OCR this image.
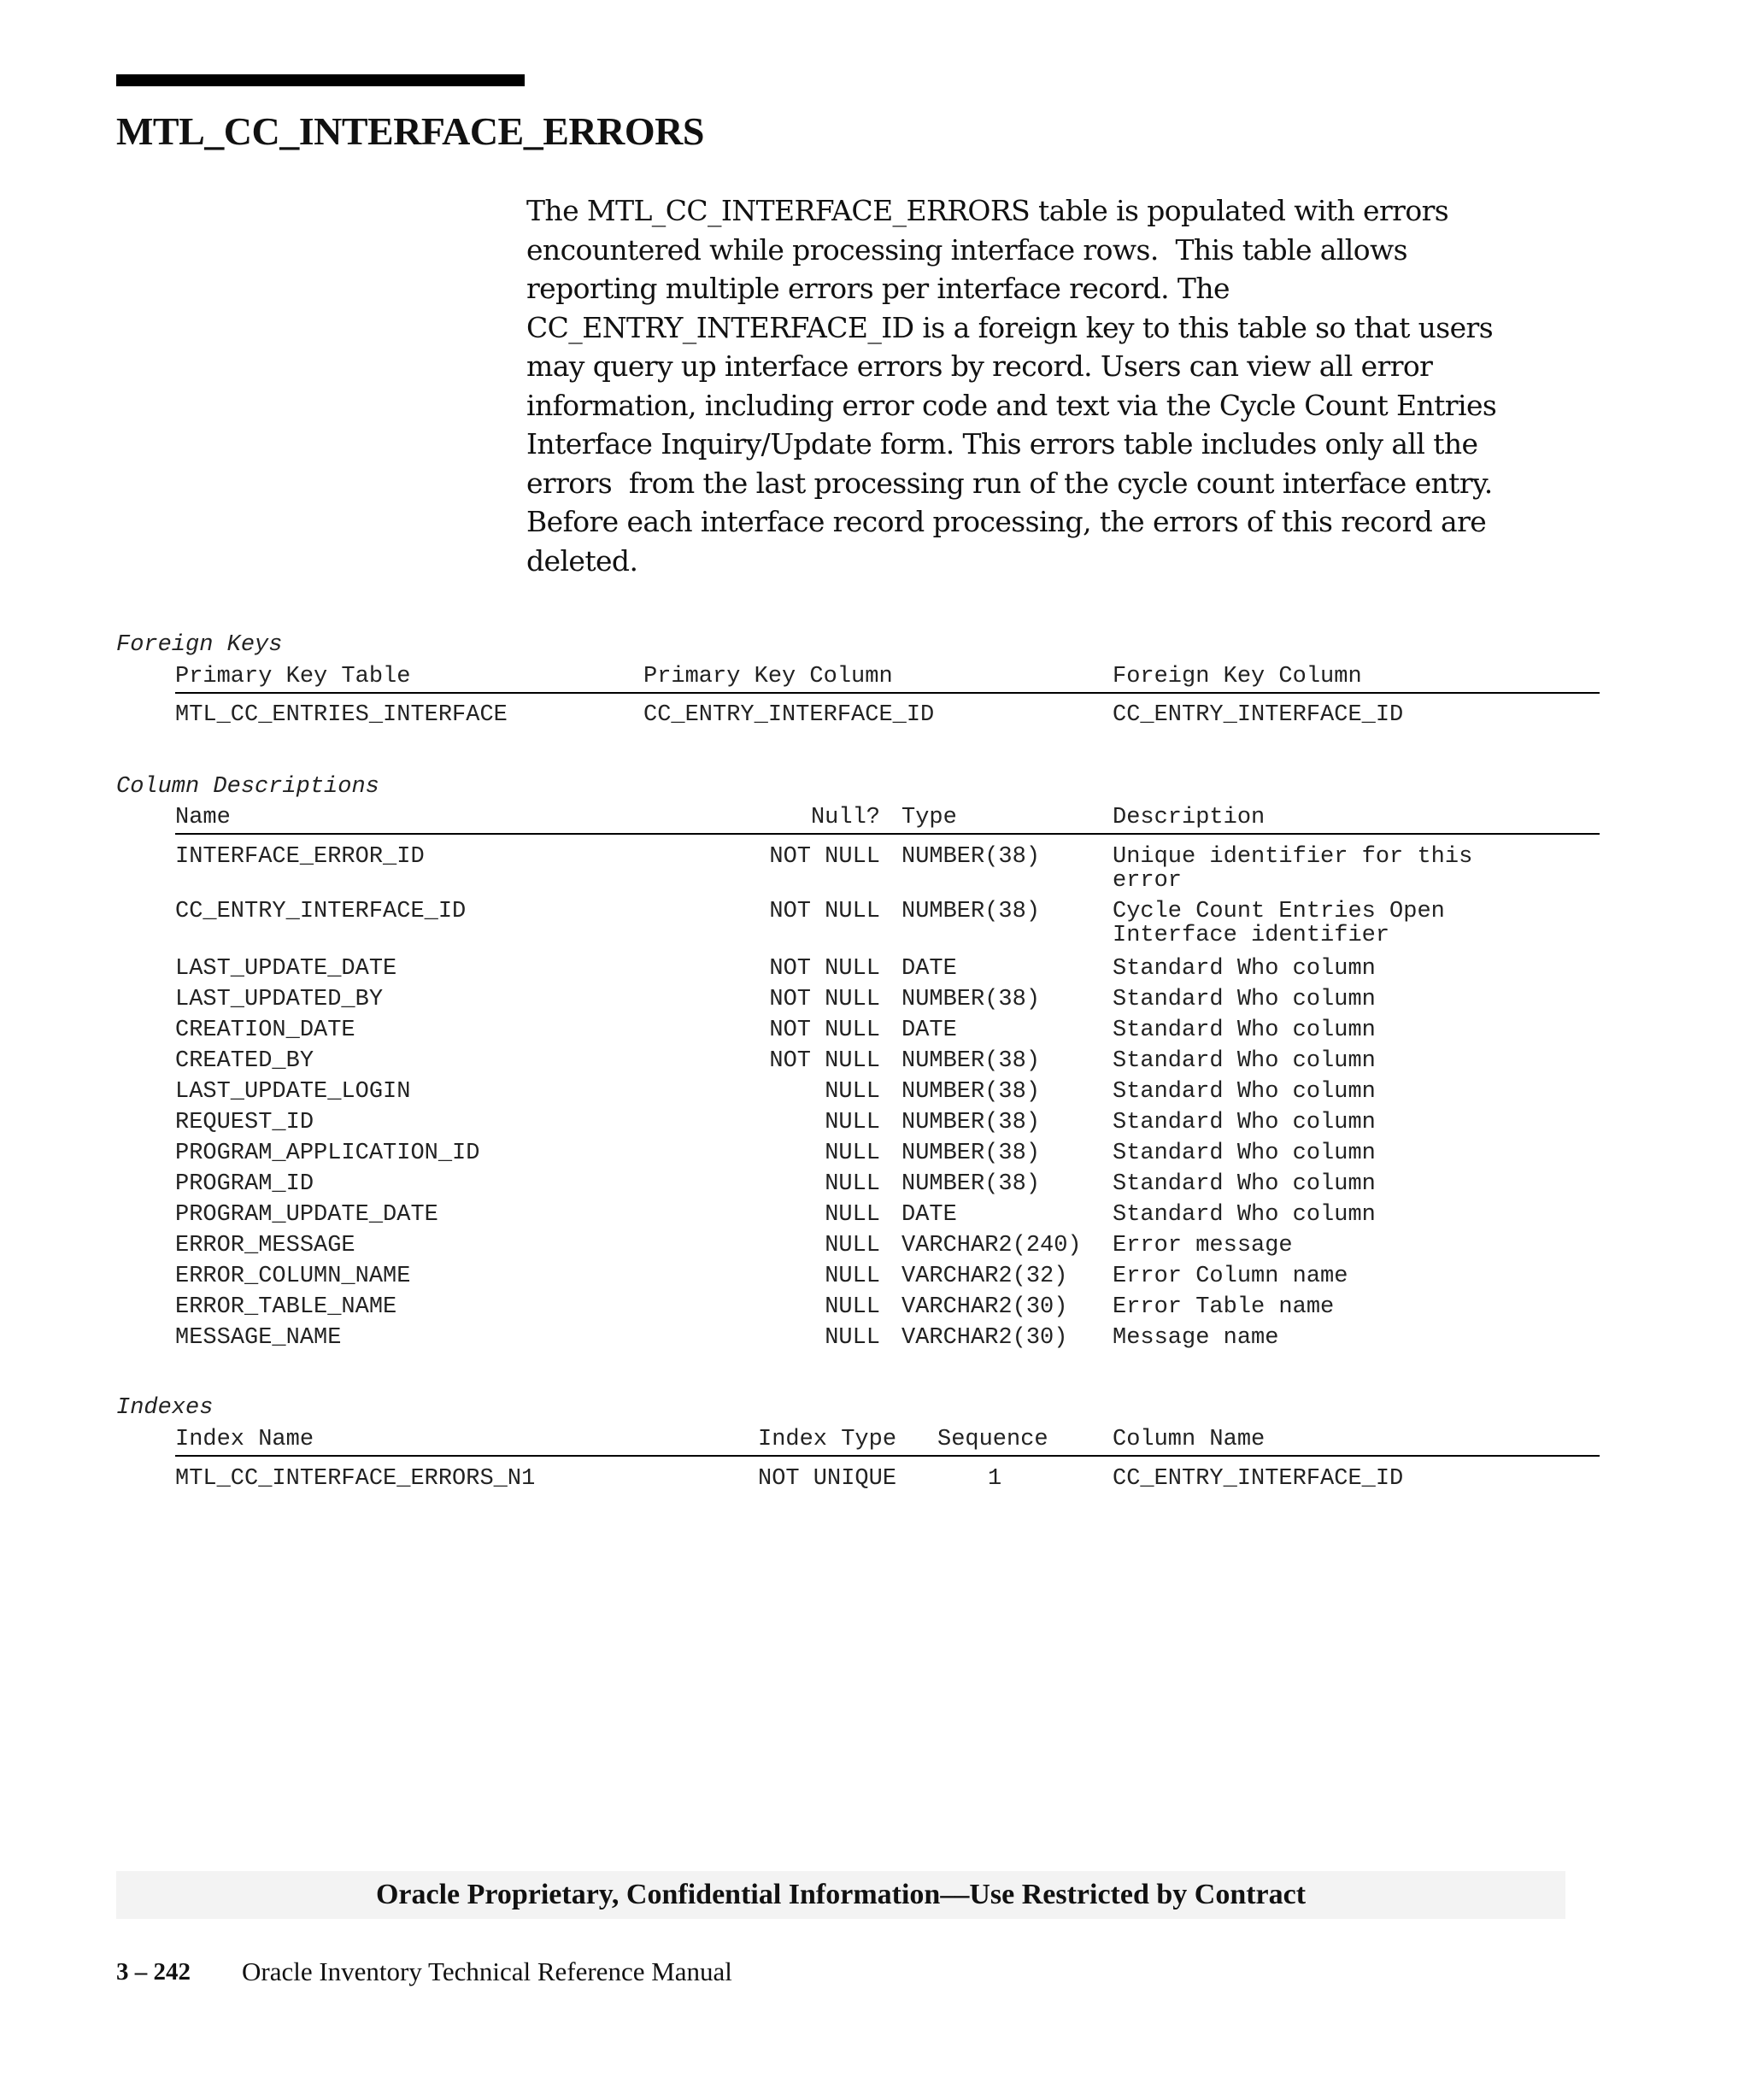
MTL_CC_INTERFACE_ERRORS
The MTL_CC_INTERFACE_ERRORS table is populated with errors
encountered while processing interface rows.  This table allows
reporting multiple errors per interface record. The
CC_ENTRY_INTERFACE_ID is a foreign key to this table so that users
may query up interface errors by record. Users can view all error
information, including error code and text via the Cycle Count Entries
Interface Inquiry/Update form. This errors table includes only all the
errors  from the last processing run of the cycle count interface entry.
Before each interface record processing, the errors of this record are
deleted.
Foreign Keys
Primary Key Table	Primary Key Column	Foreign Key Column
MTL_CC_ENTRIES_INTERFACE	CC_ENTRY_INTERFACE_ID	CC_ENTRY_INTERFACE_ID
Column Descriptions
Name	Null? Type	Description
INTERFACE_ERROR_ID	NOT NULL NUMBER(38)	Unique identifier for this error
CC_ENTRY_INTERFACE_ID	NOT NULL NUMBER(38)	Cycle Count Entries Open Interface identifier
LAST_UPDATE_DATE	NOT NULL DATE	Standard Who column
LAST_UPDATED_BY	NOT NULL NUMBER(38)	Standard Who column
CREATION_DATE	NOT NULL DATE	Standard Who column
CREATED_BY	NOT NULL NUMBER(38)	Standard Who column
LAST_UPDATE_LOGIN	NULL NUMBER(38)	Standard Who column
REQUEST_ID	NULL NUMBER(38)	Standard Who column
PROGRAM_APPLICATION_ID	NULL NUMBER(38)	Standard Who column
PROGRAM_ID	NULL NUMBER(38)	Standard Who column
PROGRAM_UPDATE_DATE	NULL DATE	Standard Who column
ERROR_MESSAGE	NULL VARCHAR2(240) Error message
ERROR_COLUMN_NAME	NULL VARCHAR2(32) Error Column name
ERROR_TABLE_NAME	NULL VARCHAR2(30) Error Table name
MESSAGE_NAME	NULL VARCHAR2(30) Message name
Indexes
Index Name	Index Type Sequence	Column Name
MTL_CC_INTERFACE_ERRORS_N1	NOT UNIQUE	1	CC_ENTRY_INTERFACE_ID
Oracle Proprietary, Confidential Information––Use Restricted by Contract
3 – 242 Oracle Inventory Technical Reference Manual
